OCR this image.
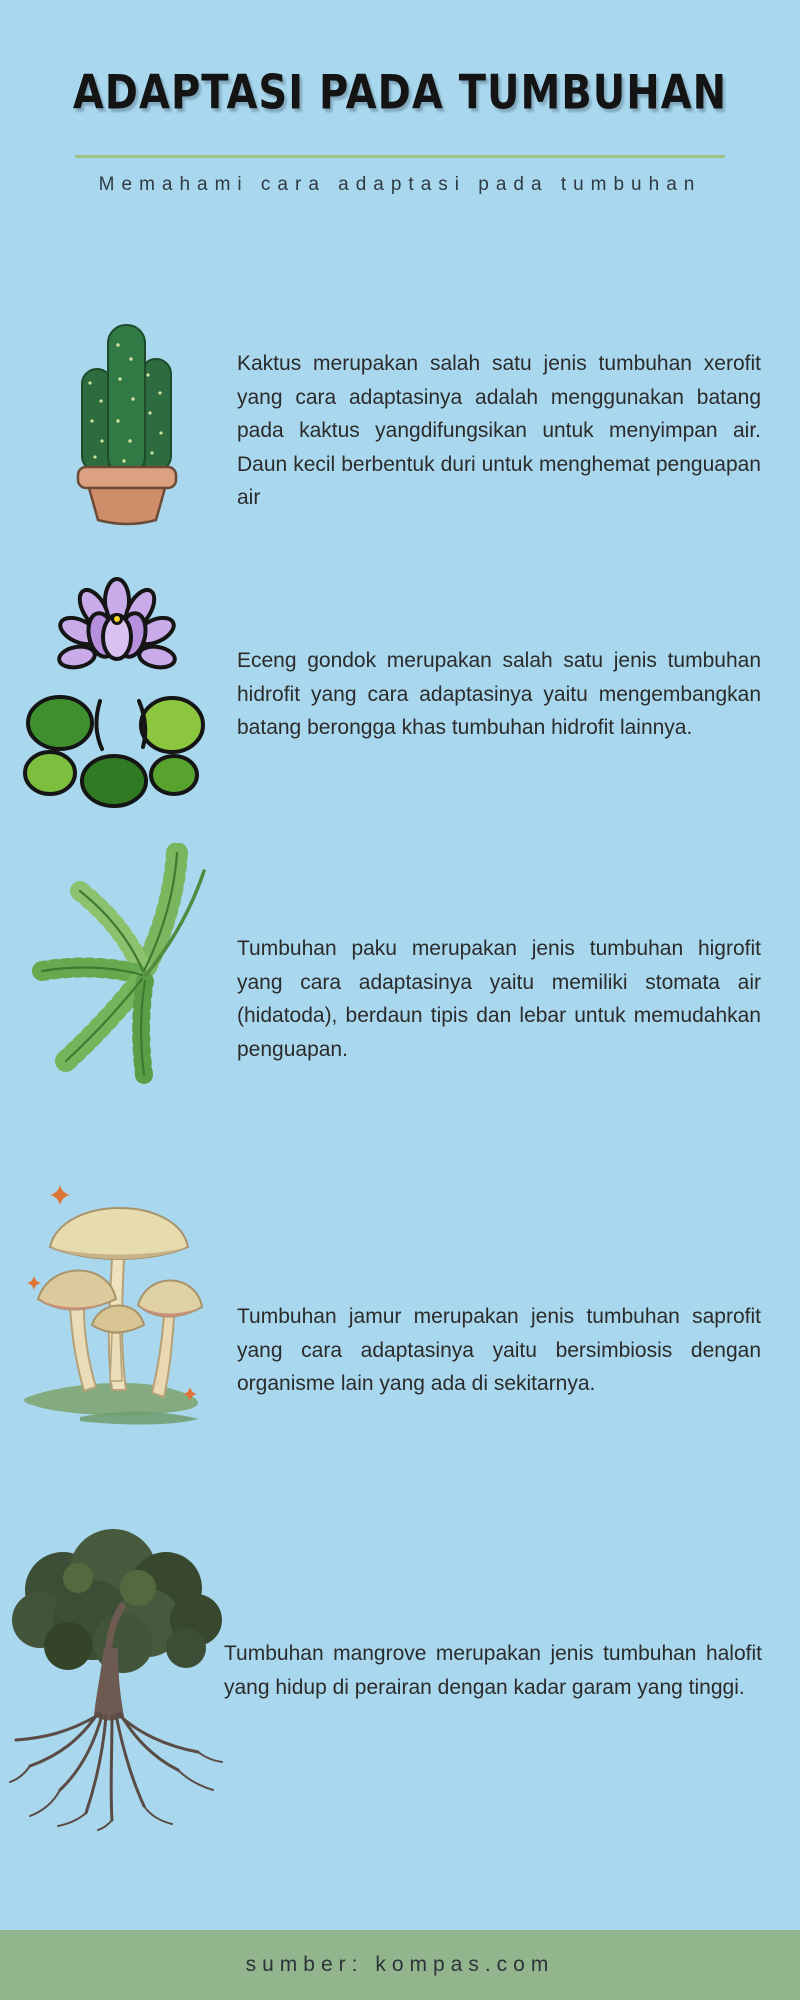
ADAPTASI PADA TUMBUHAN

Memahami cara adaptasi pada tumbuhan

Kaktus merupakan salah satu jenis tumbuhan xerofit yang cara adaptasinya adalah menggunakan batang pada kaktus yangdifungsikan untuk menyimpan air. Daun kecil berbentuk duri untuk menghemat penguapan air

Eceng gondok merupakan salah satu jenis tumbuhan hidrofit yang cara adaptasinya yaitu mengembangkan batang berongga khas tumbuhan hidrofit lainnya.

Tumbuhan paku merupakan jenis tumbuhan higrofit yang cara adaptasinya yaitu memiliki stomata air (hidatoda), berdaun tipis dan lebar untuk memudahkan penguapan.

Tumbuhan jamur merupakan jenis tumbuhan saprofit yang cara adaptasinya yaitu bersimbiosis dengan organisme lain yang ada di sekitarnya.

Tumbuhan mangrove merupakan jenis tumbuhan halofit yang hidup di perairan dengan kadar garam yang tinggi.

sumber: kompas.com
